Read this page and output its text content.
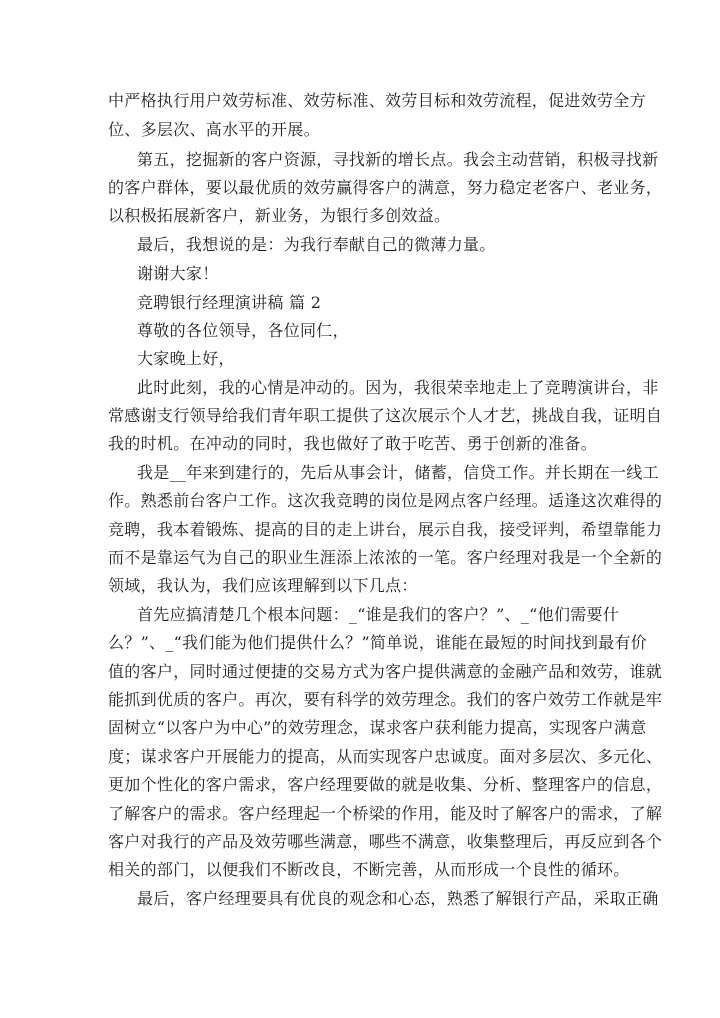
中严格执行用户效劳标准、效劳标准、效劳目标和效劳流程，促进效劳全方
位、多层次、高水平的开展。
第五，挖掘新的客户资源，寻找新的增长点。我会主动营销，积极寻找新
的客户群体，要以最优质的效劳赢得客户的满意，努力稳定老客户、老业务，
以积极拓展新客户，新业务，为银行多创效益。
最后，我想说的是：为我行奉献自己的微薄力量。
谢谢大家！
竞聘银行经理演讲稿 篇 2
尊敬的各位领导，各位同仁，
大家晚上好，
此时此刻，我的心情是冲动的。因为，我很荣幸地走上了竞聘演讲台，非
常感谢支行领导给我们青年职工提供了这次展示个人才艺，挑战自我，证明自
我的时机。在冲动的同时，我也做好了敢于吃苦、勇于创新的准备。
我是__年来到建行的，先后从事会计，储蓄，信贷工作。并长期在一线工
作。熟悉前台客户工作。这次我竞聘的岗位是网点客户经理。适逢这次难得的
竞聘，我本着锻炼、提高的目的走上讲台，展示自我，接受评判，希望靠能力
而不是靠运气为自己的职业生涯添上浓浓的一笔。客户经理对我是一个全新的
领域，我认为，我们应该理解到以下几点：
首先应搞清楚几个根本问题：_“谁是我们的客户？”、_“他们需要什
么？”、_“我们能为他们提供什么？”简单说，谁能在最短的时间找到最有价
值的客户，同时通过便捷的交易方式为客户提供满意的金融产品和效劳，谁就
能抓到优质的客户。再次，要有科学的效劳理念。我们的客户效劳工作就是牢
固树立“以客户为中心”的效劳理念，谋求客户获利能力提高，实现客户满意
度；谋求客户开展能力的提高，从而实现客户忠诚度。面对多层次、多元化、
更加个性化的客户需求，客户经理要做的就是收集、分析、整理客户的信息，
了解客户的需求。客户经理起一个桥梁的作用，能及时了解客户的需求，了解
客户对我行的产品及效劳哪些满意，哪些不满意，收集整理后，再反应到各个
相关的部门，以便我们不断改良，不断完善，从而形成一个良性的循环。
最后，客户经理要具有优良的观念和心态，熟悉了解银行产品，采取正确
